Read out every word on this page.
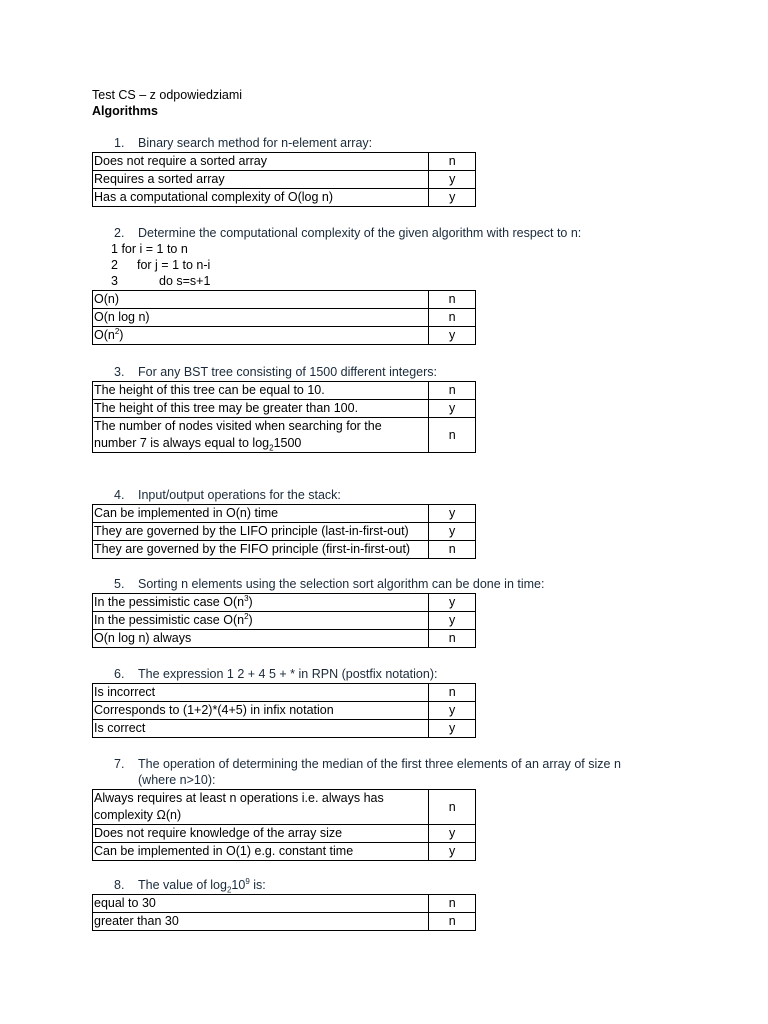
Test CS – z odpowiedziami
Algorithms
1. Binary search method for n-element array:
Does not require a sorted array	n
Requires a sorted array	y
Has a computational complexity of O(log n)	y
2. Determine the computational complexity of the given algorithm with respect to n:
1 for i = 1 to n
2 for j = 1 to n-i
3	do s=s+1
O(n)	n
O(n log n)	n
$O(n^2)$	y
3. For any BST tree consisting of 1500 different integers:
The height of this tree can be equal to 10.	n
The height of this tree may be greater than 100.	y
The number of nodes visited when searching for the number 7 is always equal to $\log_21500$	n
4. Input/output operations for the stack:
Can be implemented in O(n) time	y
They are governed by the LIFO principle (last-in-first-out)	y
They are governed by the FIFO principle (first-in-first-out)	n
5. Sorting n elements using the selection sort algorithm can be done in time:
In the pessimistic case $O(n^3)$	y
In the pessimistic case $O(n^2)$	y
O(n log n) always	n
6. The expression 1 2 + 4 5 + * in RPN (postfix notation):
Is incorrect	n
Corresponds to (1+2)*(4+5) in infix notation	y
Is correct	y
7. The operation of determining the median of the first three elements of an array of size n (where n>10):
Always requires at least n operations i.e. always has complexity Ω(n)	n
Does not require knowledge of the array size	y
Can be implemented in O(1) e.g. constant time	y
8. The value of $\log_210^9$ is:
equal to 30	n
greater than 30	n
